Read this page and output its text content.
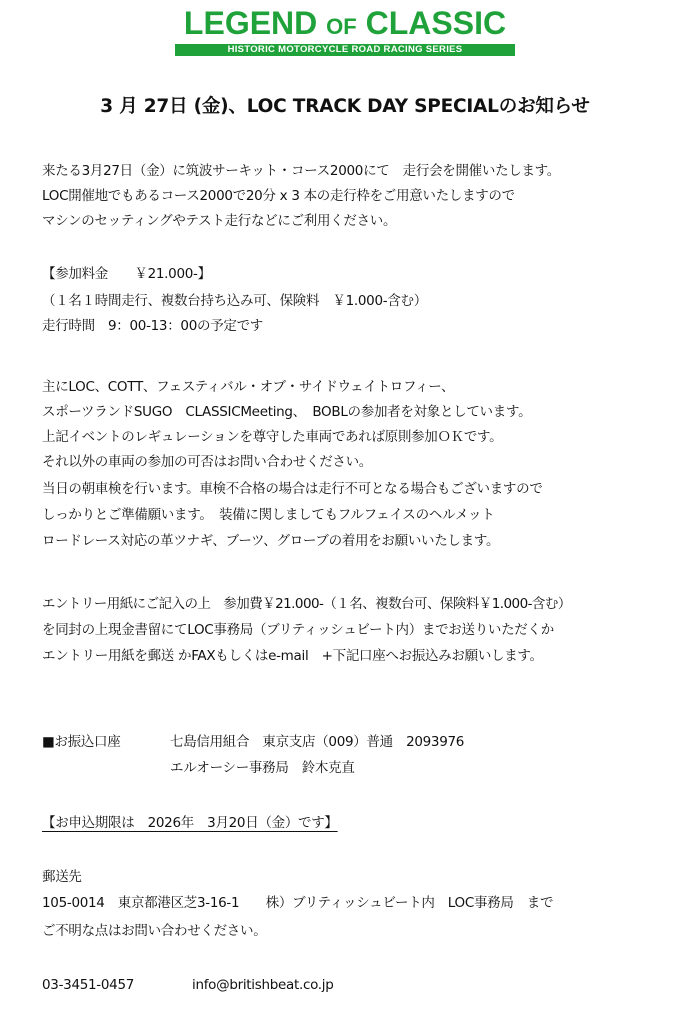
LEGEND OF CLASSIC
HISTORIC MOTORCYCLE ROAD RACING SERIES
3 月 27日 (金)、LOC TRACK DAY SPECIALのお知らせ
来たる3月27日（金）に筑波サーキット・コース2000にて　走行会を開催いたします。
LOC開催地でもあるコース2000で20分 x 3 本の走行枠をご用意いたしますので
マシンのセッティングやテスト走行などにご利用ください。
【参加料金　　￥21.000-】
（１名１時間走行、複数台持ち込み可、保険料　￥1.000-含む）
走行時間　9：00-13：00の予定です
主にLOC、COTT、フェスティバル・オブ・サイドウェイトロフィー、
スポーツランドSUGO　CLASSICMeeting、　BOBLの参加者を対象としています。
上記イベントのレギュレーションを尊守した車両であれば原則参加ＯＫです。
それ以外の車両の参加の可否はお問い合わせください。
当日の朝車検を行います。車検不合格の場合は走行不可となる場合もございますので
しっかりとご準備願います。　装備に関しましてもフルフェイスのヘルメット
ロードレース対応の革ツナギ、ブーツ、グローブの着用をお願いいたします。
エントリー用紙にご記入の上　参加費￥21.000-（１名、複数台可、保険料￥1.000-含む）
を同封の上現金書留にてLOC事務局（ブリティッシュビート内）までお送りいただくか
エントリー用紙を郵送 かFAXもしくはe-mail　+下記口座へお振込みお願いします。
■お振込口座	七島信用組合　東京支店（009）普通　2093976
エルオーシー事務局　鈴木克直
【お申込期限は　2026年　3月20日（金）です】
郵送先
105-0014　東京都港区芝3-16-1　　株）ブリティッシュビート内　LOC事務局　まで
ご不明な点はお問い合わせください。
03-3451-0457	info@britishbeat.co.jp
